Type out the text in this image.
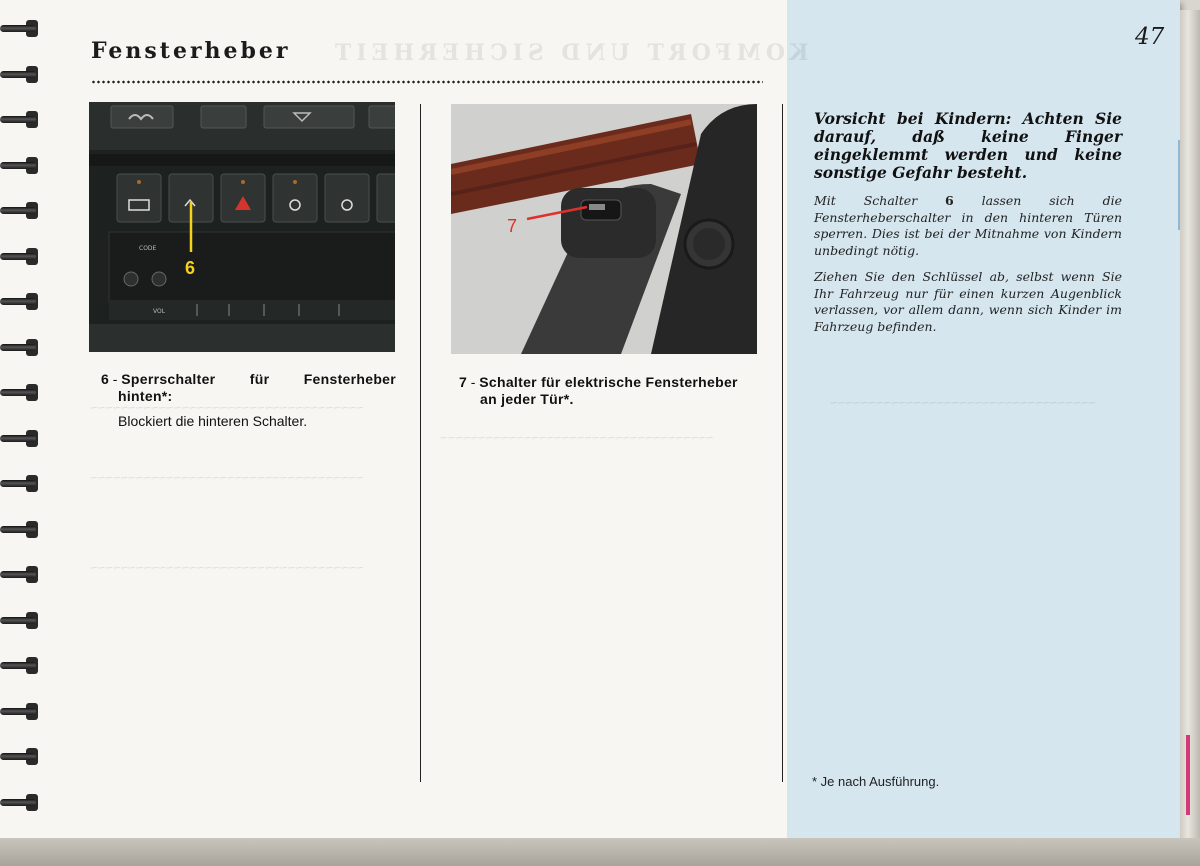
KOMFORT UND SICHERHEIT
~~~~~~~~~~~~~~~~~~~~~~~~~~~~~~~~~~~~
~~~~~~~~~~~~~~~~~~~~~~~~~~~~~~~~~~~~
~~~~~~~~~~~~~~~~~~~~~~~~~~~~~~~~~~~~
~~~~~~~~~~~~~~~~~~~~~~~~~~~~~~~~~~~~
~~~~~~~~~~~~~~~~~~~~~~~~~~~~~~~~~~~
Fensterheber
47
CODE
VOL
6
7
6 - Sperrschalter für Fensterheber
hinten*:
Blockiert die hinteren Schalter.
7 - Schalter für elektrische Fensterheber
an jeder Tür*.
Vorsicht bei Kindern: Achten Sie darauf, daß keine Finger eingeklemmt werden und keine sonstige Gefahr besteht.
Mit Schalter 6 lassen sich die Fensterheberschalter in den hinteren Türen sperren. Dies ist bei der Mitnahme von Kindern unbedingt nötig.
Ziehen Sie den Schlüssel ab, selbst wenn Sie Ihr Fahrzeug nur für einen kurzen Augenblick verlassen, vor allem dann, wenn sich Kinder im Fahrzeug befinden.
* Je nach Ausführung.
